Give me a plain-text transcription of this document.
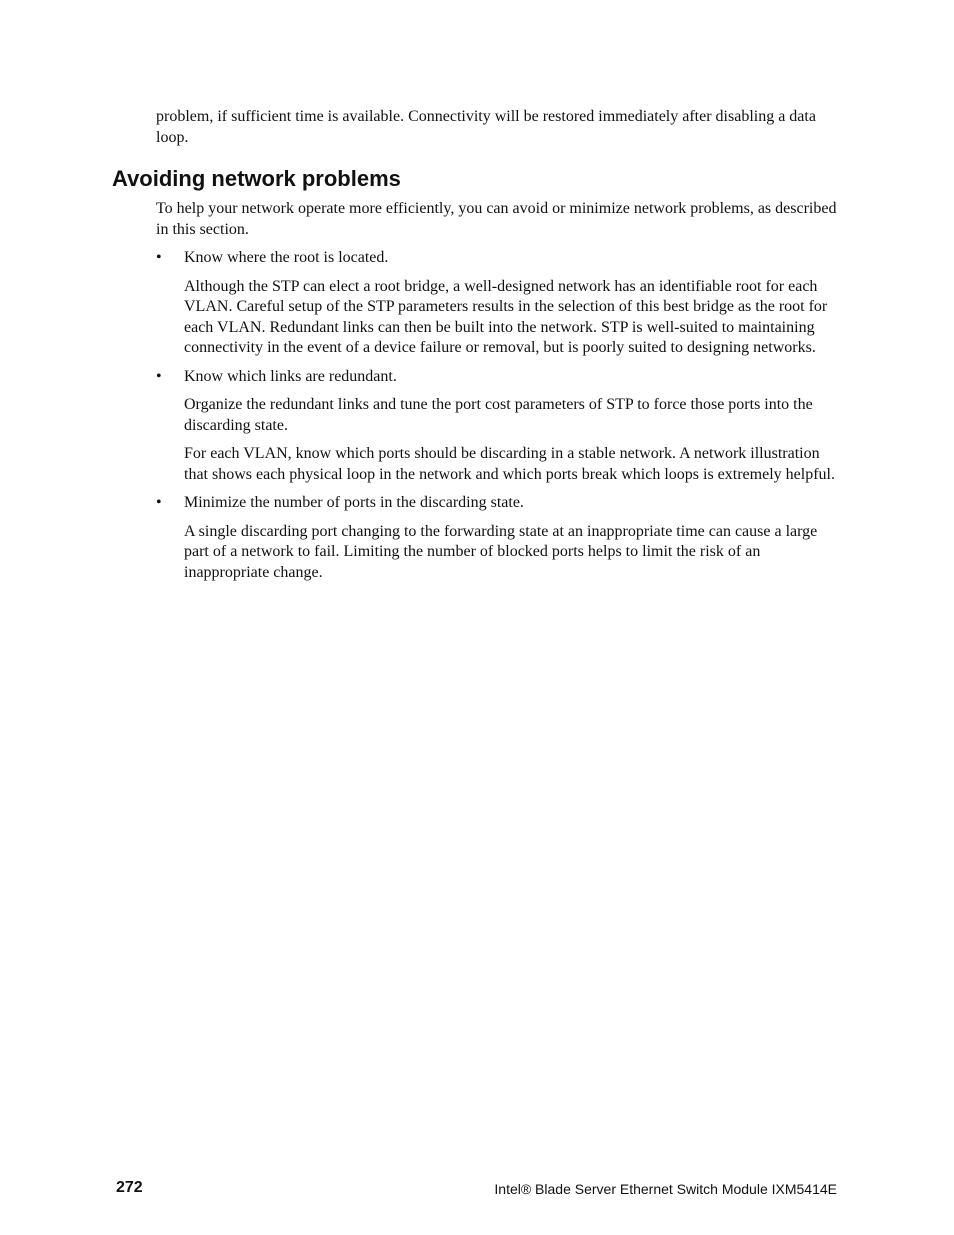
problem, if sufficient time is available. Connectivity will be restored immediately after disabling a data loop.

Avoiding network problems

To help your network operate more efficiently, you can avoid or minimize network problems, as described in this section.

• Know where the root is located.

Although the STP can elect a root bridge, a well-designed network has an identifiable root for each VLAN. Careful setup of the STP parameters results in the selection of this best bridge as the root for each VLAN. Redundant links can then be built into the network. STP is well-suited to maintaining connectivity in the event of a device failure or removal, but is poorly suited to designing networks.

• Know which links are redundant.

Organize the redundant links and tune the port cost parameters of STP to force those ports into the discarding state.

For each VLAN, know which ports should be discarding in a stable network. A network illustration that shows each physical loop in the network and which ports break which loops is extremely helpful.

• Minimize the number of ports in the discarding state.

A single discarding port changing to the forwarding state at an inappropriate time can cause a large part of a network to fail. Limiting the number of blocked ports helps to limit the risk of an inappropriate change.

272	Intel® Blade Server Ethernet Switch Module IXM5414E
